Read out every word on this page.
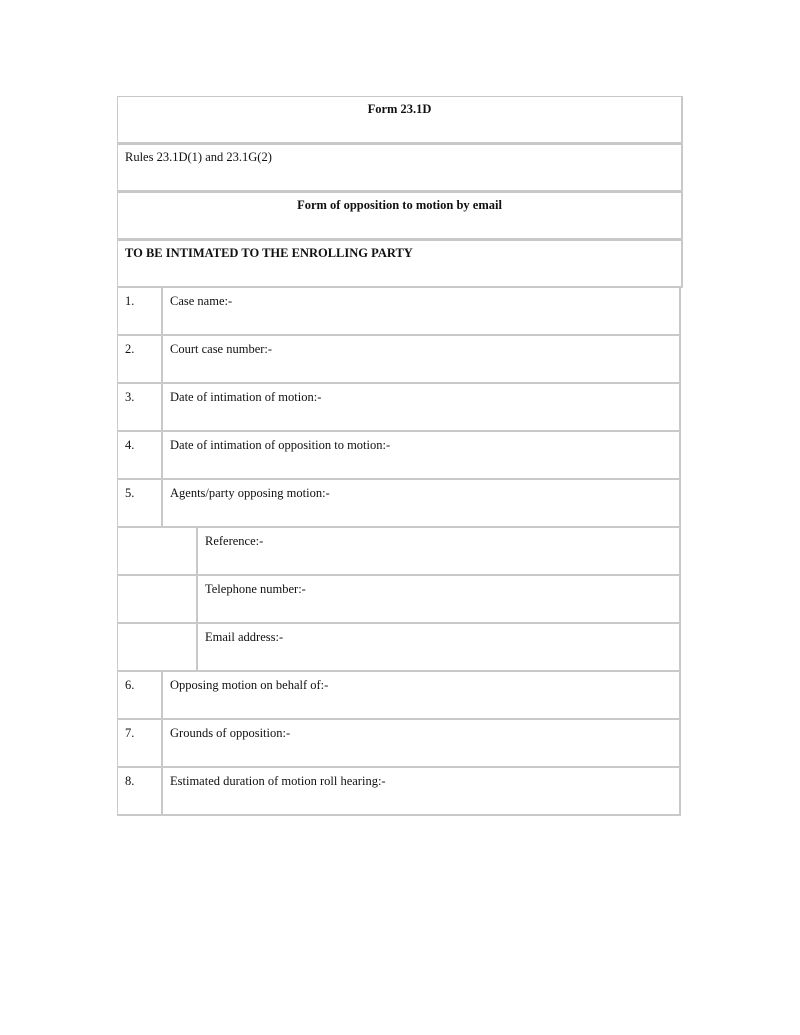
Form 23.1D
Rules 23.1D(1) and 23.1G(2)
Form of opposition to motion by email
TO BE INTIMATED TO THE ENROLLING PARTY
1.	Case name:-
2.	Court case number:-
3.	Date of intimation of motion:-
4.	Date of intimation of opposition to motion:-
5.	Agents/party opposing motion:-
Reference:-
Telephone number:-
Email address:-
6.	Opposing motion on behalf of:-
7.	Grounds of opposition:-
8.	Estimated duration of motion roll hearing:-
